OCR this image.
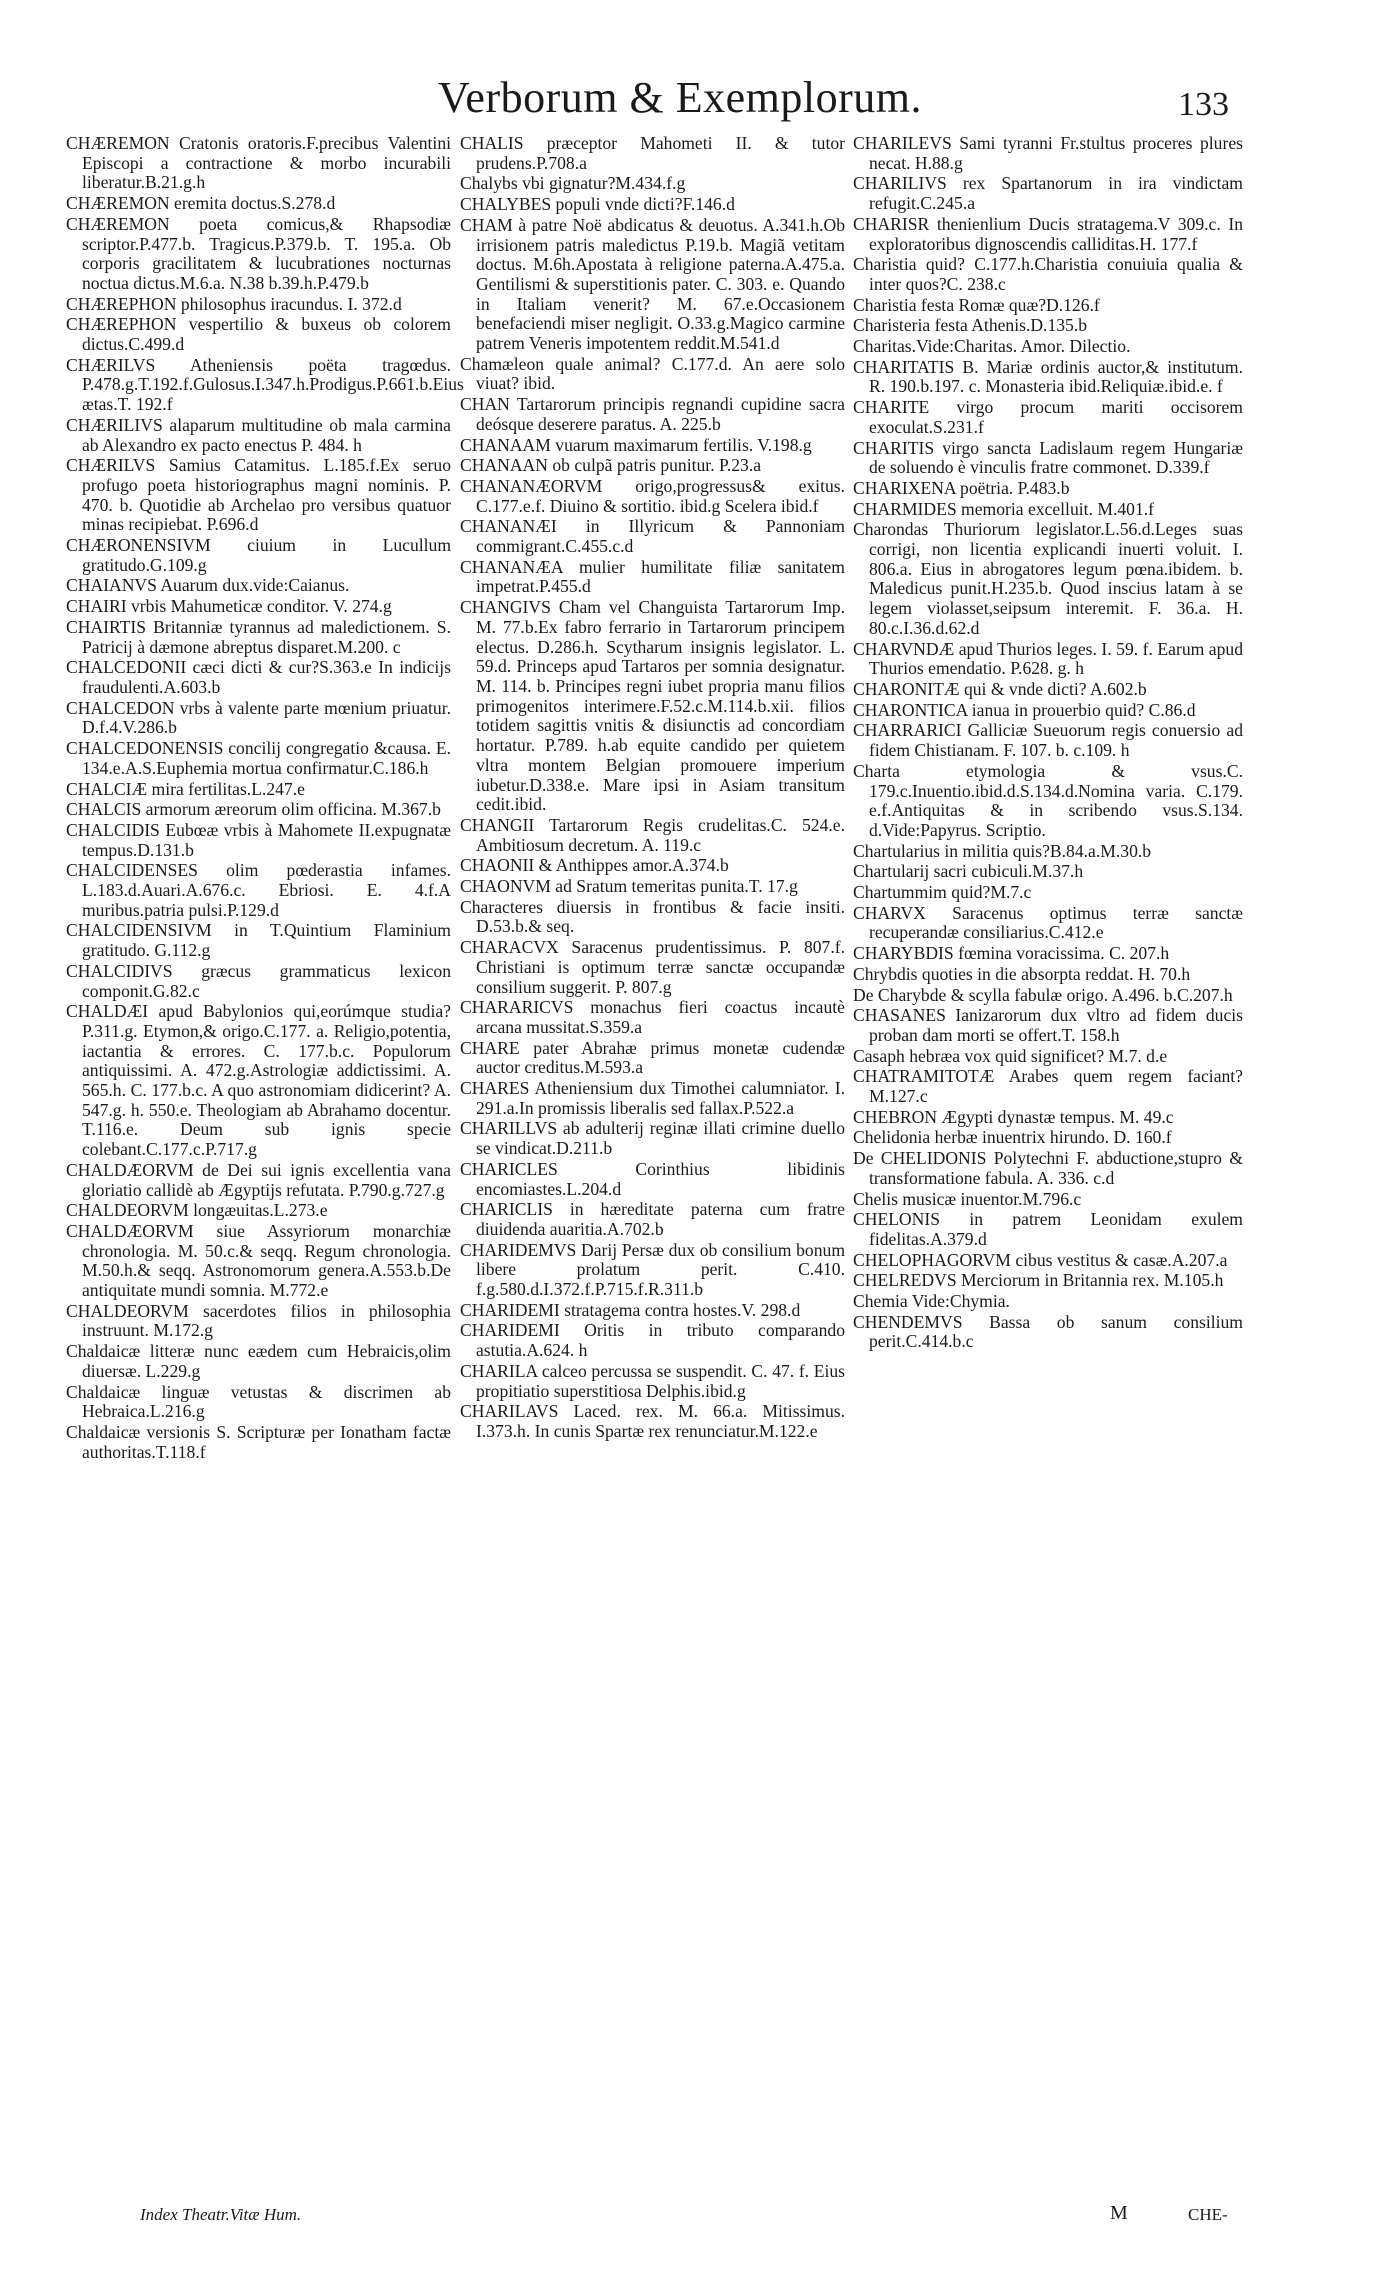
Verborum & Exemplorum.	133
CHÆREMON Cratonis oratoris.F.precibus Valentini Episcopi a contractione & morbo incurabili liberatur.B.21.g.h
CHÆREMON eremita doctus.S.278.d
CHÆREMON poeta comicus,& Rhapsodiæ scriptor.P.477.b. Tragicus.P.379.b. T. 195.a. Ob corporis gracilitatem & lucubrationes nocturnas noctua dictus.M.6.a. N.38 b.39.h.P.479.b
CHÆREPHON philosophus iracundus. I. 372.d
CHÆREPHON vespertilio & buxeus ob colorem dictus.C.499.d
CHÆRILVS Atheniensis poëta tragœdus. P.478.g.T.192.f.Gulosus.I.347.h.Prodigus.P.661.b.Eius ætas.T. 192.f
CHÆRILIVS alaparum multitudine ob mala carmina ab Alexandro ex pacto enectus P. 484. h
CHÆRILVS Samius Catamitus. L.185.f.Ex seruo profugo poeta historiographus magni nominis. P. 470. b. Quotidie ab Archelao pro versibus quatuor minas recipiebat. P.696.d
CHÆRONENSIVM ciuium in Lucullum gratitudo.G.109.g
CHAIANVS Auarum dux.vide:Caianus.
CHAIRI vrbis Mahumeticæ conditor. V. 274.g
CHAIRTIS Britanniæ tyrannus ad maledictionem. S. Patricij à dæmone abreptus disparet.M.200. c
CHALCEDONII cæci dicti & cur?S.363.e In indicijs fraudulenti.A.603.b
CHALCEDON vrbs à valente parte mœnium priuatur. D.f.4.V.286.b
CHALCEDONENSIS concilij congregatio &causa. E. 134.e.A.S.Euphemia mortua confirmatur.C.186.h
CHALCIÆ mira fertilitas.L.247.e
CHALCIS armorum æreorum olim officina. M.367.b
CHALCIDIS Eubœæ vrbis à Mahomete II.expugnatæ tempus.D.131.b
CHALCIDENSES olim pœderastia infames. L.183.d.Auari.A.676.c. Ebriosi. E. 4.f.A muribus.patria pulsi.P.129.d
CHALCIDENSIVM in T.Quintium Flaminium gratitudo. G.112.g
CHALCIDIVS græcus grammaticus lexicon componit.G.82.c
CHALDÆI apud Babylonios qui,eorúmque studia? P.311.g. Etymon,& origo.C.177. a. Religio,potentia, iactantia & errores. C. 177.b.c. Populorum antiquissimi. A. 472.g.Astrologiæ addictissimi. A. 565.h. C. 177.b.c. A quo astronomiam didicerint? A. 547.g. h. 550.e. Theologiam ab Abrahamo docentur. T.116.e. Deum sub ignis specie colebant.C.177.c.P.717.g
CHALDÆORVM de Dei sui ignis excellentia vana gloriatio callidè ab Ægyptijs refutata. P.790.g.727.g
CHALDEORVM longæuitas.L.273.e
CHALDÆORVM siue Assyriorum monarchiæ chronologia. M. 50.c.& seqq. Regum chronologia. M.50.h.& seqq. Astronomorum genera.A.553.b.De antiquitate mundi somnia. M.772.e
CHALDEORVM sacerdotes filios in philosophia instruunt. M.172.g
Chaldaicæ litteræ nunc eædem cum Hebraicis,olim diuersæ. L.229.g
Chaldaicæ linguæ vetustas & discrimen ab Hebraica.L.216.g
Chaldaicæ versionis S. Scripturæ per Ionatham factæ authoritas.T.118.f
CHALIS præceptor Mahometi II. & tutor prudens.P.708.a
Chalybs vbi gignatur?M.434.f.g
CHALYBES populi vnde dicti?F.146.d
CHAM à patre Noë abdicatus & deuotus. A.341.h.Ob irrisionem patris maledictus P.19.b. Magiã vetitam doctus. M.6h.Apostata à religione paterna.A.475.a. Gentilismi & superstitionis pater. C. 303. e. Quando in Italiam venerit? M. 67.e.Occasionem benefaciendi miser negligit. O.33.g.Magico carmine patrem Veneris impotentem reddit.M.541.d
Chamæleon quale animal? C.177.d. An aere solo viuat? ibid.
CHAN Tartarorum principis regnandi cupidine sacra deósque deserere paratus. A. 225.b
CHANAAM vuarum maximarum fertilis. V.198.g
CHANAAN ob culpã patris punitur. P.23.a
CHANANÆORVM origo,progressus& exitus. C.177.e.f. Diuino & sortitio. ibid.g Scelera ibid.f
CHANANÆI in Illyricum & Pannoniam commigrant.C.455.c.d
CHANANÆA mulier humilitate filiæ sanitatem impetrat.P.455.d
CHANGIVS Cham vel Changuista Tartarorum Imp. M. 77.b.Ex fabro ferrario in Tartarorum principem electus. D.286.h. Scytharum insignis legislator. L. 59.d. Princeps apud Tartaros per somnia designatur. M. 114. b. Principes regni iubet propria manu filios primogenitos interimere.F.52.c.M.114.b.xii. filios totidem sagittis vnitis & disiunctis ad concordiam hortatur. P.789. h.ab equite candido per quietem vltra montem Belgian promouere imperium iubetur.D.338.e. Mare ipsi in Asiam transitum cedit.ibid.
CHANGII Tartarorum Regis crudelitas.C. 524.e. Ambitiosum decretum. A. 119.c
CHAONII & Anthippes amor.A.374.b
CHAONVM ad Sratum temeritas punita.T. 17.g
Characteres diuersis in frontibus & facie insiti. D.53.b.& seq.
CHARACVX Saracenus prudentissimus. P. 807.f. Christiani is optimum terræ sanctæ occupandæ consilium suggerit. P. 807.g
CHARARICVS monachus fieri coactus incautè arcana mussitat.S.359.a
CHARE pater Abrahæ primus monetæ cudendæ auctor creditus.M.593.a
CHARES Atheniensium dux Timothei calumniator. I. 291.a.In promissis liberalis sed fallax.P.522.a
CHARILLVS ab adulterij reginæ illati crimine duello se vindicat.D.211.b
CHARICLES Corinthius libidinis encomiastes.L.204.d
CHARICLIS in hæreditate paterna cum fratre diuidenda auaritia.A.702.b
CHARIDEMVS Darij Persæ dux ob consilium bonum libere prolatum perit. C.410. f.g.580.d.I.372.f.P.715.f.R.311.b
CHARIDEMI stratagema contra hostes.V. 298.d
CHARIDEMI Oritis in tributo comparando astutia.A.624. h
CHARILA calceo percussa se suspendit. C. 47. f. Eius propitiatio superstitiosa Delphis.ibid.g
CHARILAVS Laced. rex. M. 66.a. Mitissimus. I.373.h. In cunis Spartæ rex renunciatur.M.122.e
CHARILEVS Sami tyranni Fr.stultus proceres plures necat. H.88.g
CHARILIVS rex Spartanorum in ira vindictam refugit.C.245.a
CHARISR thenienlium Ducis stratagema.V 309.c. In exploratoribus dignoscendis calliditas.H. 177.f
Charistia quid? C.177.h.Charistia conuiuia qualia & inter quos?C. 238.c
Charistia festa Romæ quæ?D.126.f
Charisteria festa Athenis.D.135.b
Charitas.Vide:Charitas. Amor. Dilectio.
CHARITATIS B. Mariæ ordinis auctor,& institutum. R. 190.b.197. c. Monasteria ibid.Reliquiæ.ibid.e. f
CHARITE virgo procum mariti occisorem exoculat.S.231.f
CHARITIS virgo sancta Ladislaum regem Hungariæ de soluendo è vinculis fratre commonet. D.339.f
CHARIXENA poëtria. P.483.b
CHARMIDES memoria excelluit. M.401.f
Charondas Thuriorum legislator.L.56.d.Leges suas corrigi, non licentia explicandi inuerti voluit. I. 806.a. Eius in abrogatores legum pœna.ibidem. b. Maledicus punit.H.235.b. Quod inscius latam à se legem violasset,seipsum interemit. F. 36.a. H. 80.c.I.36.d.62.d
CHARVNDÆ apud Thurios leges. I. 59. f. Earum apud Thurios emendatio. P.628. g. h
CHARONITÆ qui & vnde dicti? A.602.b
CHARONTICA ianua in prouerbio quid? C.86.d
CHARRARICI Galliciæ Sueuorum regis conuersio ad fidem Chistianam. F. 107. b. c.109. h
Charta etymologia & vsus.C. 179.c.Inuentio.ibid.d.S.134.d.Nomina varia. C.179. e.f.Antiquitas & in scribendo vsus.S.134. d.Vide:Papyrus. Scriptio.
Chartularius in militia quis?B.84.a.M.30.b
Chartularij sacri cubiculi.M.37.h
Chartummim quid?M.7.c
CHARVX Saracenus optimus terræ sanctæ recuperandæ consiliarius.C.412.e
CHARYBDIS fœmina voracissima. C. 207.h
Chrybdis quoties in die absorpta reddat. H. 70.h
De Charybde & scylla fabulæ origo. A.496. b.C.207.h
CHASANES Ianizarorum dux vltro ad fidem ducis proban dam morti se offert.T. 158.h
Casaph hebræa vox quid significet? M.7. d.e
CHATRAMITOTÆ Arabes quem regem faciant?M.127.c
CHEBRON Ægypti dynastæ tempus. M. 49.c
Chelidonia herbæ inuentrix hirundo. D. 160.f
De CHELIDONIS Polytechni F. abductione,stupro & transformatione fabula. A. 336. c.d
Chelis musicæ inuentor.M.796.c
CHELONIS in patrem Leonidam exulem fidelitas.A.379.d
CHELOPHAGORVM cibus vestitus & casæ.A.207.a
CHELREDVS Merciorum in Britannia rex. M.105.h
Chemia Vide:Chymia.
CHENDEMVS Bassa ob sanum consilium perit.C.414.b.c
Index Theatr.Vitæ Hum.	M	CHE-
